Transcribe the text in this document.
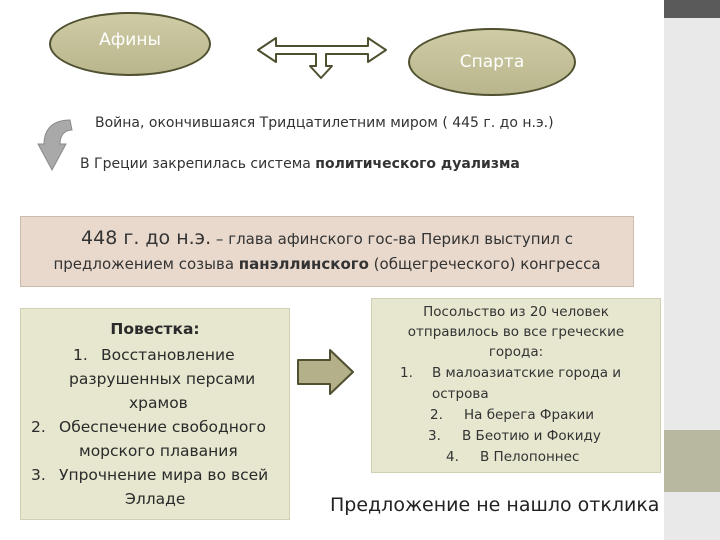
Афины
Спарта
Война, окончившаяся Тридцатилетним миром ( 445 г. до н.э.)
В Греции закрепилась система политического дуализма
448 г. до н.э. – глава афинского гос-ва Перикл выступил с
предложением созыва панэллинского (общегреческого) конгресса
Повестка:
1. Восстановление
разрушенных персами
храмов
2. Обеспечение свободного
морского плавания
3. Упрочнение мира во всей
Элладе
Посольство из 20 человек
отправилось во все греческие
города:
1. В малоазиатские города и
острова
2. На берега Фракии
3. В Беотию и Фокиду
4. В Пелопоннес
Предложение не нашло отклика
